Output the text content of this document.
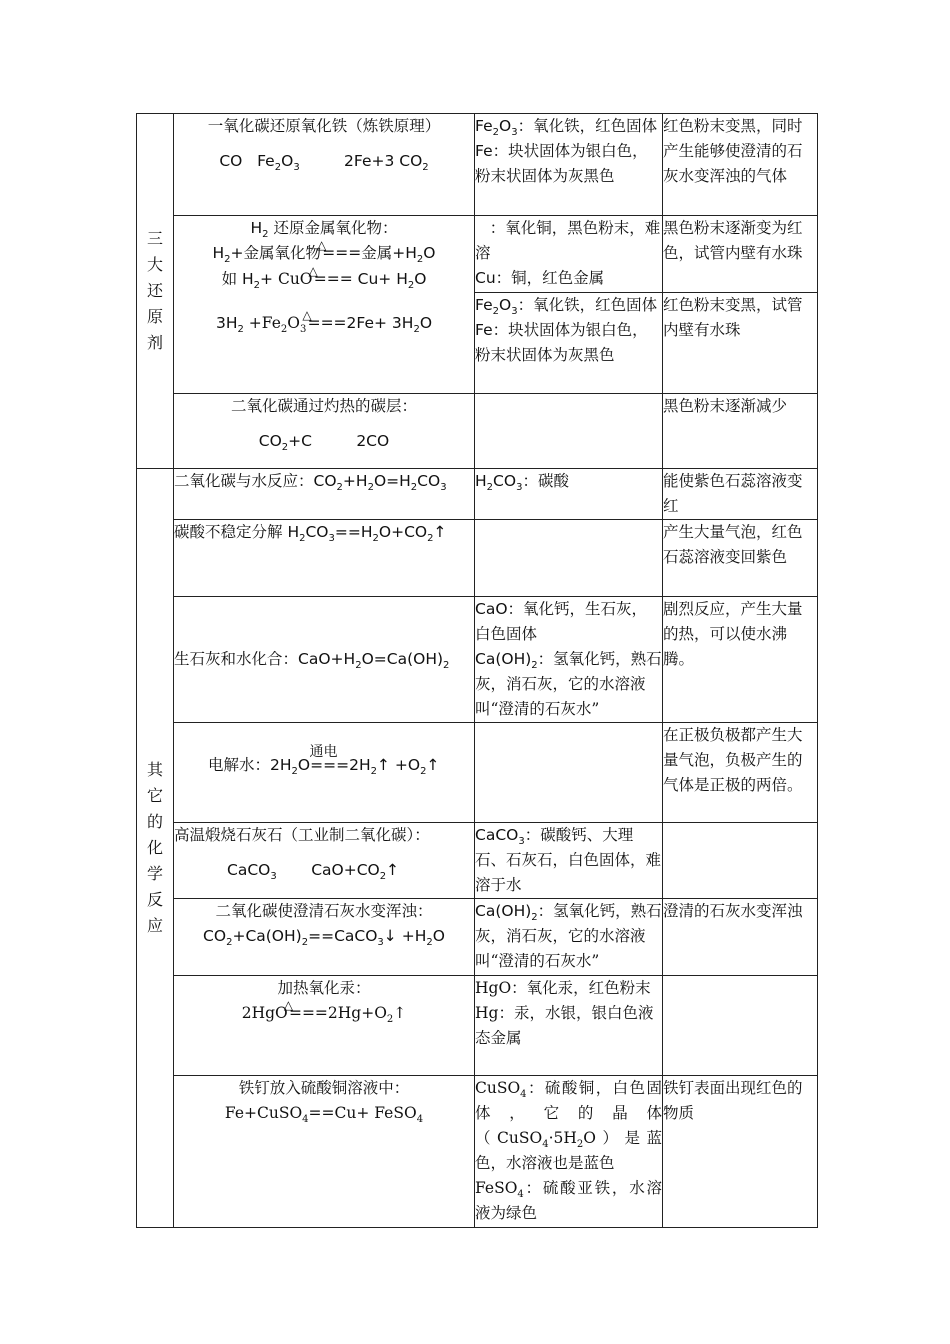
三大还原剂	一氧化碳还原氧化铁（炼铁原理）
CO   $Fe_2O_3$         2Fe+3 $CO_2$	$Fe_2O_3$：氧化铁，红色固体
Fe：块状固体为银白色，粉末状固体为灰黑色	红色粉末变黑，同时产生能够使澄清的石灰水变浑浊的气体

	$H_2$ 还原金属氧化物：
$H_2+$金属氧化物△===金属$+H_2O$
如 $H_2+$ CuO△=== $Cu+ H_2O$
$3H_2$ $+Fe_2O_3\triangle===2Fe+ 3H_2O$	：氧化铜，黑色粉末，难溶
Cu：铜，红色金属	黑色粉末逐渐变为红色，试管内壁有水珠

		$Fe_2O_3$：氧化铁，红色固体
Fe：块状固体为银白色，粉末状固体为灰黑色	红色粉末变黑，试管内壁有水珠

	二氧化碳通过灼热的碳层：
$CO_2+C$         2CO		黑色粉末逐渐减少
其它的化学反应	二氧化碳与水反应：$CO_2+H_2O=H_2CO_3$	$H_2CO_3$：碳酸	能使紫色石蕊溶液变红
	碳酸不稳定分解 $H_2CO_3==H_2O+CO_2↑$		产生大量气泡，红色石蕊溶液变回紫色
	生石灰和水化合：$CaO+H_2O=Ca(OH)_2$	CaO：氧化钙，生石灰，白色固体
$Ca(OH)_2$：氢氧化钙，熟石灰，消石灰，它的水溶液叫“澄清的石灰水”	剧烈反应，产生大量的热，可以使水沸腾。
	电解水：$2H_2O===$
通电
$2H_2↑$ $+O_2↑$		在正极负极都产生大量气泡，负极产生的气体是正极的两倍。

	高温煅烧石灰石（工业制二氧化碳）：
CaCO$_3$       $CaO+CO_2↑$	CaCO$_3$：碳酸钙、大理石、石灰石，白色固体，难溶于水	

	二氧化碳使澄清石灰水变浑浊：
$CO_2+Ca(OH)_2==CaCO_3↓ +H_2O$	$Ca(OH)_2$：氢氧化钙，熟石灰，消石灰，它的水溶液叫“澄清的石灰水”	澄清的石灰水变浑浊

	加热氧化汞：
$2HgO\triangle===2Hg+O_2↑$	HgO：氧化汞，红色粉末
Hg：汞，水银，银白色液态金属	

	铁钉放入硫酸铜溶液中：
Fe+CuSO$_4$==Cu+ FeSO$_4$	CuSO$_4$：硫酸铜，白色固体，它的晶体$(CuSO_4\cdot 5H_2O)$是蓝色，水溶液也是蓝色
FeSO$_4$：硫酸亚铁，水溶液为绿色	铁钉表面出现红色的物质
